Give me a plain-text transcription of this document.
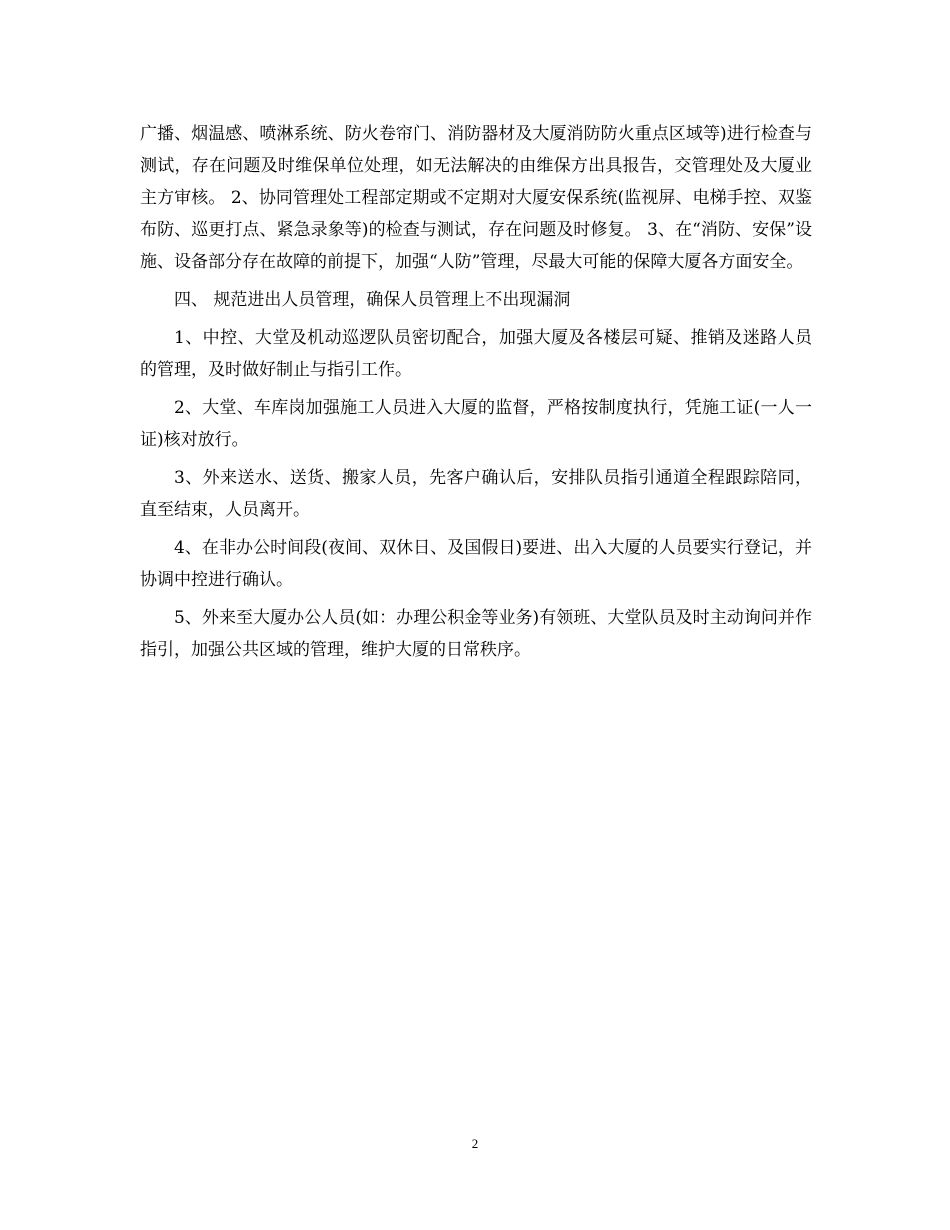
广播、烟温感、喷淋系统、防火卷帘门、消防器材及大厦消防防火重点区域等)进行检查与测试，存在问题及时维保单位处理，如无法解决的由维保方出具报告，交管理处及大厦业主方审核。 2、协同管理处工程部定期或不定期对大厦安保系统(监视屏、电梯手控、双鉴布防、巡更打点、紧急录象等)的检查与测试，存在问题及时修复。 3、在“消防、安保”设施、设备部分存在故障的前提下，加强“人防”管理，尽最大可能的保障大厦各方面安全。

四、 规范进出人员管理，确保人员管理上不出现漏洞

1、中控、大堂及机动巡逻队员密切配合，加强大厦及各楼层可疑、推销及迷路人员的管理，及时做好制止与指引工作。

2、大堂、车库岗加强施工人员进入大厦的监督，严格按制度执行，凭施工证(一人一证)核对放行。

3、外来送水、送货、搬家人员，先客户确认后，安排队员指引通道全程跟踪陪同，直至结束，人员离开。

4、在非办公时间段(夜间、双休日、及国假日)要进、出入大厦的人员要实行登记，并协调中控进行确认。

5、外来至大厦办公人员(如：办理公积金等业务)有领班、大堂队员及时主动询问并作指引，加强公共区域的管理，维护大厦的日常秩序。

2
